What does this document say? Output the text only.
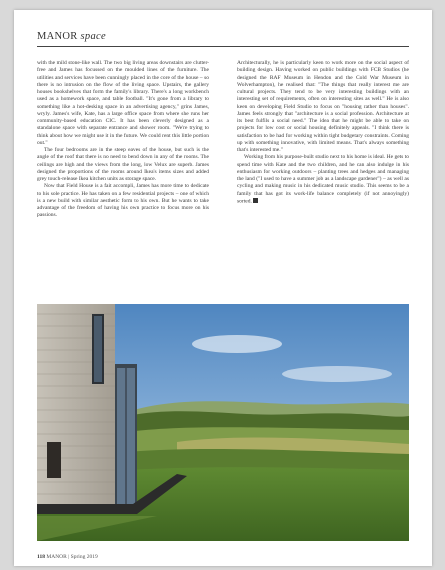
MANOR space

with the mild stone-like wall. The two big living areas downstairs are clutter-free and James has focussed on the moulded lines of the furniture. The utilities and services have been cunningly placed in the core of the house – so there is no intrusion on the flow of the living space. Upstairs, the gallery houses bookshelves that form the family's library. There's a long workbench used as a homework space, and table football. "It's gone from a library to something like a hot-desking space in an advertising agency," grins James, wryly. James's wife, Kate, has a large office space from where she runs her community-based education CIC. It has been cleverly designed as a standalone space with separate entrance and shower room. "We're trying to think about how we might use it in the future. We could rent this little portion out."

The four bedrooms are in the steep eaves of the house, but such is the angle of the roof that there is no need to bend down in any of the rooms. The ceilings are high and the views from the long, low Velux are superb. James designed the proportions of the rooms around Ikea's items sizes and added grey touch-release Ikea kitchen units as storage space.

Now that Field House is a fait accompli, James has more time to dedicate to his sole practice. He has taken on a few residential projects – one of which is a new build with similar aesthetic form to his own. But he wants to take advantage of the freedom of having his own practice to focus more on his passions.

Architecturally, he is particularly keen to work more on the social aspect of building design. Having worked on public buildings with FCB Studios (he designed the RAF Museum in Hendon and the Cold War Museum in Wolverhampton), he realised that: "The things that really interest me are cultural projects. They tend to be very interesting buildings with an interesting set of requirements, often on interesting sites as well." He is also keen on developing Field Studio to focus on "housing rather than houses". James feels strongly that "architecture is a social profession. Architecture at its best fulfils a social need." The idea that he might be able to take on projects for low cost or social housing definitely appeals. "I think there is satisfaction to be had for working within tight budgetary constraints. Coming up with something innovative, with limited means. That's always something that's interested me."

Working from his purpose-built studio next to his home is ideal. He gets to spend time with Kate and the two children, and he can also indulge in his enthusiasm for working outdoors – planting trees and hedges and managing the land ("I used to have a summer job as a landscape gardener") – as well as cycling and making music in his dedicated music studio. This seems to be a family that has got its work-life balance completely (if not annoyingly) sorted.

118 MANOR | Spring 2019
